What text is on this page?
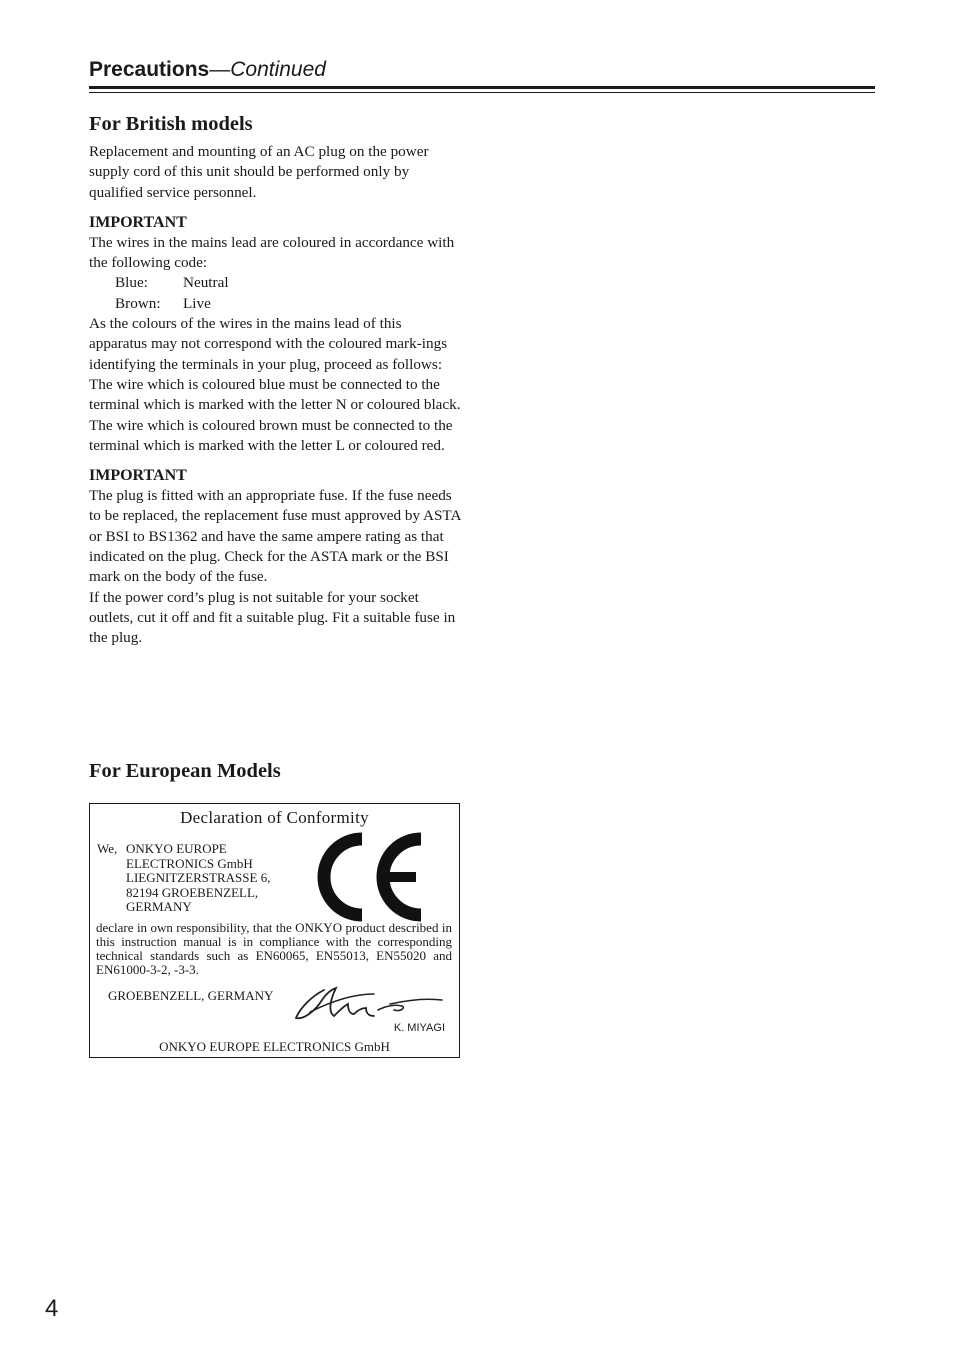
Precautions—Continued
For British models

Replacement and mounting of an AC plug on the power supply cord of this unit should be performed only by qualified service personnel.

IMPORTANT

The wires in the mains lead are coloured in accordance with the following code:

Blue: Neutral
Brown: Live

As the colours of the wires in the mains lead of this apparatus may not correspond with the coloured mark-ings identifying the terminals in your plug, proceed as follows:

The wire which is coloured blue must be connected to the terminal which is marked with the letter N or coloured black.

The wire which is coloured brown must be connected to the terminal which is marked with the letter L or coloured red.

IMPORTANT

The plug is fitted with an appropriate fuse. If the fuse needs to be replaced, the replacement fuse must approved by ASTA or BSI to BS1362 and have the same ampere rating as that indicated on the plug. Check for the ASTA mark or the BSI mark on the body of the fuse.

If the power cord’s plug is not suitable for your socket outlets, cut it off and fit a suitable plug. Fit a suitable fuse in the plug.

For European Models
Declaration of Conformity
We, ONKYO EUROPE
ELECTRONICS GmbH
LIEGNITZERSTRASSE 6,
82194 GROEBENZELL,
GERMANY
declare in own responsibility, that the ONKYO product described in this instruction manual is in compliance with the corresponding technical standards such as EN60065, EN55013, EN55020 and EN61000-3-2, -3-3.
GROEBENZELL, GERMANY
K. MIYAGI
ONKYO EUROPE ELECTRONICS GmbH
4
